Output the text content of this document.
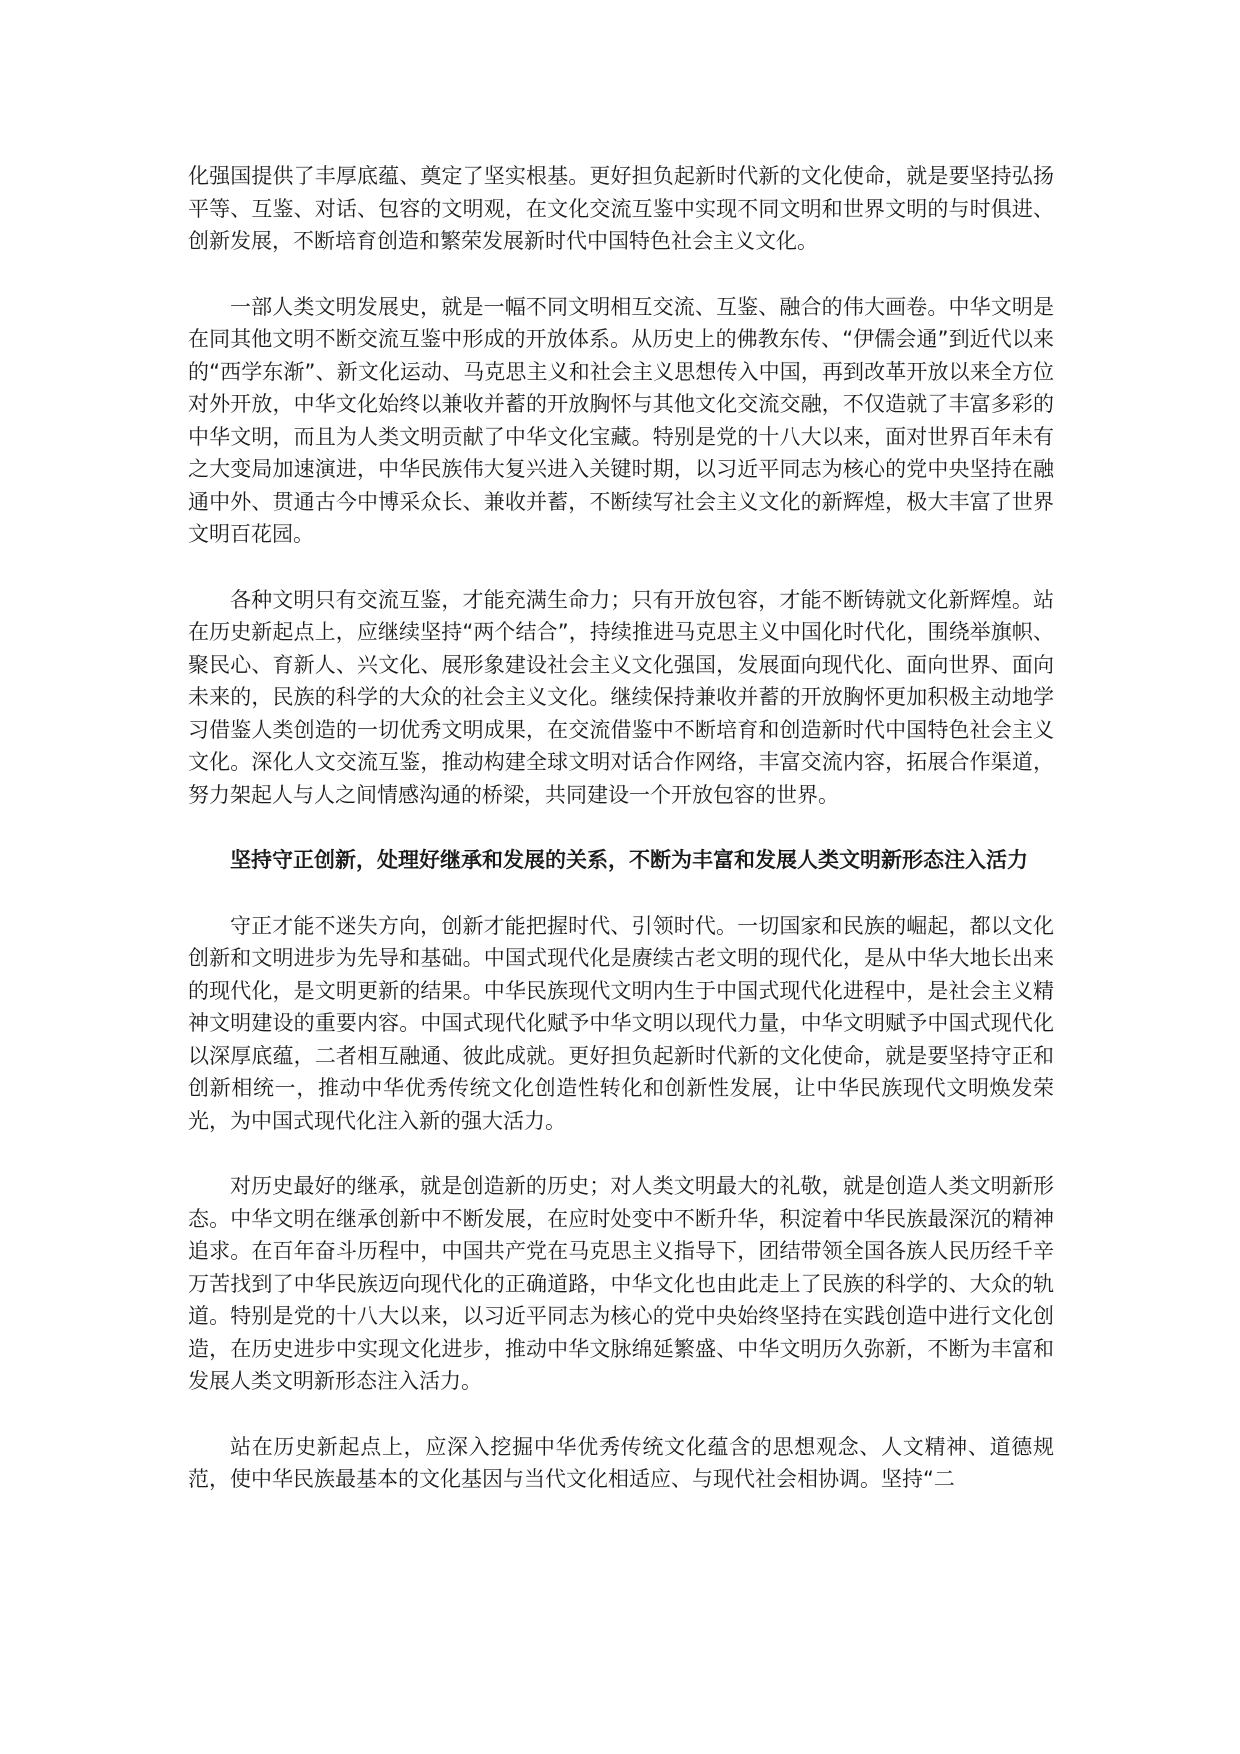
化强国提供了丰厚底蕴、奠定了坚实根基。更好担负起新时代新的文化使命，就是要坚持弘扬平等、互鉴、对话、包容的文明观，在文化交流互鉴中实现不同文明和世界文明的与时俱进、创新发展，不断培育创造和繁荣发展新时代中国特色社会主义文化。

一部人类文明发展史，就是一幅不同文明相互交流、互鉴、融合的伟大画卷。中华文明是在同其他文明不断交流互鉴中形成的开放体系。从历史上的佛教东传、“伊儒会通”到近代以来的“西学东渐”、新文化运动、马克思主义和社会主义思想传入中国，再到改革开放以来全方位对外开放，中华文化始终以兼收并蓄的开放胸怀与其他文化交流交融，不仅造就了丰富多彩的中华文明，而且为人类文明贡献了中华文化宝藏。特别是党的十八大以来，面对世界百年未有之大变局加速演进，中华民族伟大复兴进入关键时期，以习近平同志为核心的党中央坚持在融通中外、贯通古今中博采众长、兼收并蓄，不断续写社会主义文化的新辉煌，极大丰富了世界文明百花园。

各种文明只有交流互鉴，才能充满生命力；只有开放包容，才能不断铸就文化新辉煌。站在历史新起点上，应继续坚持“两个结合”，持续推进马克思主义中国化时代化，围绕举旗帜、聚民心、育新人、兴文化、展形象建设社会主义文化强国，发展面向现代化、面向世界、面向未来的，民族的科学的大众的社会主义文化。继续保持兼收并蓄的开放胸怀更加积极主动地学习借鉴人类创造的一切优秀文明成果，在交流借鉴中不断培育和创造新时代中国特色社会主义文化。深化人文交流互鉴，推动构建全球文明对话合作网络，丰富交流内容，拓展合作渠道，努力架起人与人之间情感沟通的桥梁，共同建设一个开放包容的世界。

坚持守正创新，处理好继承和发展的关系，不断为丰富和发展人类文明新形态注入活力

守正才能不迷失方向，创新才能把握时代、引领时代。一切国家和民族的崛起，都以文化创新和文明进步为先导和基础。中国式现代化是赓续古老文明的现代化，是从中华大地长出来的现代化，是文明更新的结果。中华民族现代文明内生于中国式现代化进程中，是社会主义精神文明建设的重要内容。中国式现代化赋予中华文明以现代力量，中华文明赋予中国式现代化以深厚底蕴，二者相互融通、彼此成就。更好担负起新时代新的文化使命，就是要坚持守正和创新相统一，推动中华优秀传统文化创造性转化和创新性发展，让中华民族现代文明焕发荣光，为中国式现代化注入新的强大活力。

对历史最好的继承，就是创造新的历史；对人类文明最大的礼敬，就是创造人类文明新形态。中华文明在继承创新中不断发展，在应时处变中不断升华，积淀着中华民族最深沉的精神追求。在百年奋斗历程中，中国共产党在马克思主义指导下，团结带领全国各族人民历经千辛万苦找到了中华民族迈向现代化的正确道路，中华文化也由此走上了民族的科学的、大众的轨道。特别是党的十八大以来，以习近平同志为核心的党中央始终坚持在实践创造中进行文化创造，在历史进步中实现文化进步，推动中华文脉绵延繁盛、中华文明历久弥新，不断为丰富和发展人类文明新形态注入活力。

站在历史新起点上，应深入挖掘中华优秀传统文化蕴含的思想观念、人文精神、道德规范，使中华民族最基本的文化基因与当代文化相适应、与现代社会相协调。坚持“二
